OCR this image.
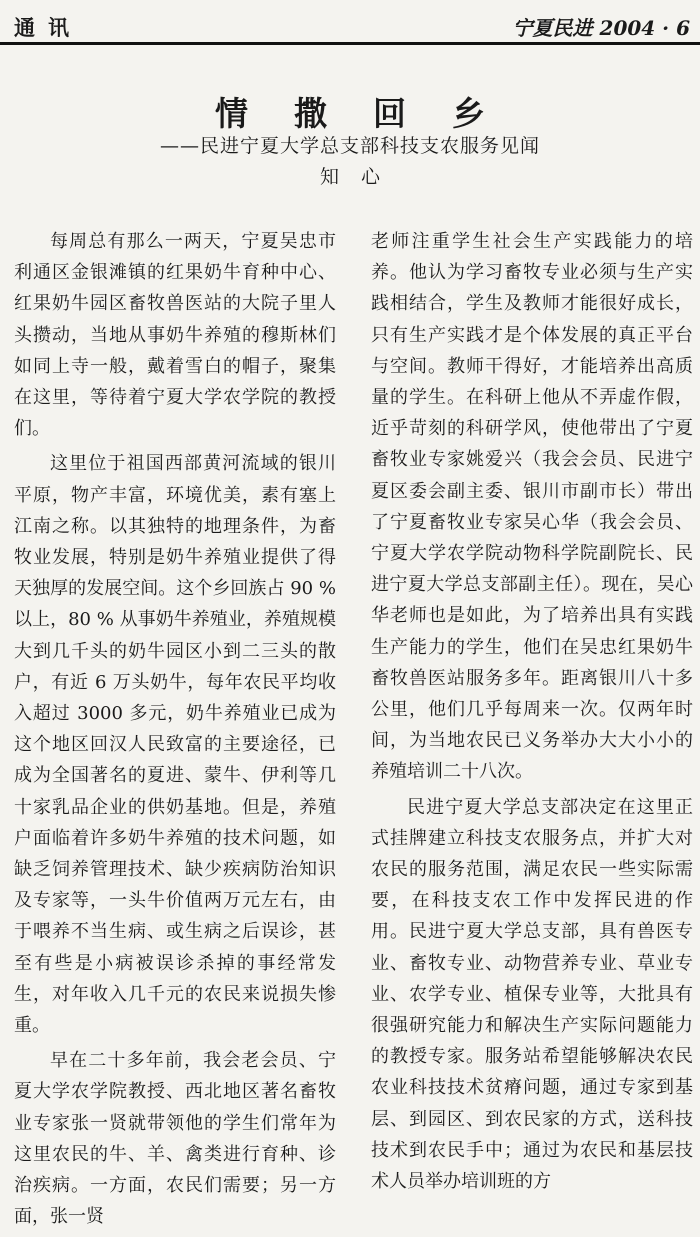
通讯	宁夏民进 2004 · 6
情撒回乡
——民进宁夏大学总支部科技支农服务见闻
知心

每周总有那么一两天，宁夏吴忠市利通区金银滩镇的红果奶牛育种中心、红果奶牛园区畜牧兽医站的大院子里人头攒动，当地从事奶牛养殖的穆斯林们如同上寺一般，戴着雪白的帽子，聚集在这里，等待着宁夏大学农学院的教授们。

这里位于祖国西部黄河流域的银川平原，物产丰富，环境优美，素有塞上江南之称。以其独特的地理条件，为畜牧业发展，特别是奶牛养殖业提供了得天独厚的发展空间。这个乡回族占 90 % 以上，80 % 从事奶牛养殖业，养殖规模大到几千头的奶牛园区小到二三头的散户，有近 6 万头奶牛，每年农民平均收入超过 3000 多元，奶牛养殖业已成为这个地区回汉人民致富的主要途径，已成为全国著名的夏进、蒙牛、伊利等几十家乳品企业的供奶基地。但是，养殖户面临着许多奶牛养殖的技术问题，如缺乏饲养管理技术、缺少疾病防治知识及专家等，一头牛价值两万元左右，由于喂养不当生病、或生病之后误诊，甚至有些是小病被误诊杀掉的事经常发生，对年收入几千元的农民来说损失惨重。

早在二十多年前，我会老会员、宁夏大学农学院教授、西北地区著名畜牧业专家张一贤就带领他的学生们常年为这里农民的牛、羊、禽类进行育种、诊治疾病。一方面，农民们需要；另一方面，张一贤

老师注重学生社会生产实践能力的培养。他认为学习畜牧专业必须与生产实践相结合，学生及教师才能很好成长，只有生产实践才是个体发展的真正平台与空间。教师干得好，才能培养出高质量的学生。在科研上他从不弄虚作假，近乎苛刻的科研学风，使他带出了宁夏畜牧业专家姚爱兴（我会会员、民进宁夏区委会副主委、银川市副市长）带出了宁夏畜牧业专家吴心华（我会会员、宁夏大学农学院动物科学院副院长、民进宁夏大学总支部副主任）。现在，吴心华老师也是如此，为了培养出具有实践生产能力的学生，他们在吴忠红果奶牛畜牧兽医站服务多年。距离银川八十多公里，他们几乎每周来一次。仅两年时间，为当地农民已义务举办大大小小的养殖培训二十八次。

民进宁夏大学总支部决定在这里正式挂牌建立科技支农服务点，并扩大对农民的服务范围，满足农民一些实际需要，在科技支农工作中发挥民进的作用。民进宁夏大学总支部，具有兽医专业、畜牧专业、动物营养专业、草业专业、农学专业、植保专业等，大批具有很强研究能力和解决生产实际问题能力的教授专家。服务站希望能够解决农民农业科技技术贫瘠问题，通过专家到基层、到园区、到农民家的方式，送科技技术到农民手中；通过为农民和基层技术人员举办培训班的方
